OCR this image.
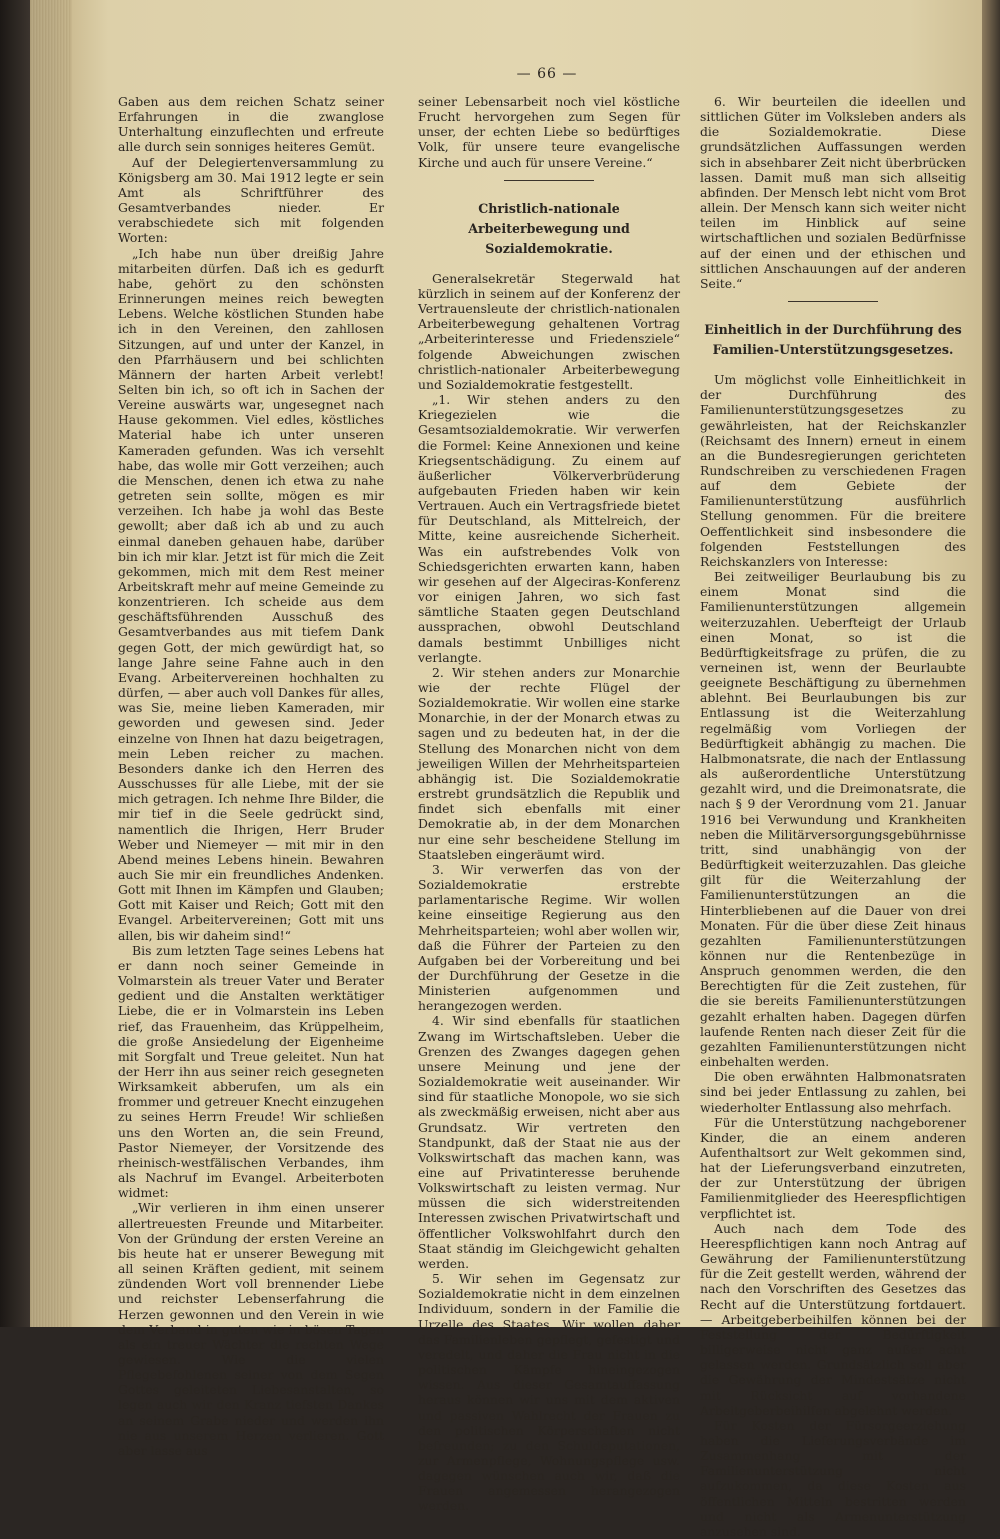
— 66 —

Gaben aus dem reichen Schatz seiner Erfahrungen in die zwanglose Unterhaltung einzuflechten und erfreute alle durch sein sonniges heiteres Gemüt.

Auf der Delegiertenversammlung zu Königsberg am 30. Mai 1912 legte er sein Amt als Schriftführer des Gesamtverbandes nieder. Er verabschiedete sich mit folgenden Worten:

„Ich habe nun über dreißig Jahre mitarbeiten dürfen. Daß ich es gedurft habe, gehört zu den schönsten Erinnerungen meines reich bewegten Lebens. Welche köstlichen Stunden habe ich in den Vereinen, den zahllosen Sitzungen, auf und unter der Kanzel, in den Pfarrhäusern und bei schlichten Männern der harten Arbeit verlebt! Selten bin ich, so oft ich in Sachen der Vereine auswärts war, ungesegnet nach Hause gekommen. Viel edles, köstliches Material habe ich unter unseren Kameraden gefunden. Was ich versehlt habe, das wolle mir Gott verzeihen; auch die Menschen, denen ich etwa zu nahe getreten sein sollte, mögen es mir verzeihen. Ich habe ja wohl das Beste gewollt; aber daß ich ab und zu auch einmal daneben gehauen habe, darüber bin ich mir klar. Jetzt ist für mich die Zeit gekommen, mich mit dem Rest meiner Arbeitskraft mehr auf meine Gemeinde zu konzentrieren. Ich scheide aus dem geschäftsführenden Ausschuß des Gesamtverbandes aus mit tiefem Dank gegen Gott, der mich gewürdigt hat, so lange Jahre seine Fahne auch in den Evang. Arbeitervereinen hochhalten zu dürfen, — aber auch voll Dankes für alles, was Sie, meine lieben Kameraden, mir geworden und gewesen sind. Jeder einzelne von Ihnen hat dazu beigetragen, mein Leben reicher zu machen. Besonders danke ich den Herren des Ausschusses für alle Liebe, mit der sie mich getragen. Ich nehme Ihre Bilder, die mir tief in die Seele gedrückt sind, namentlich die Ihrigen, Herr Bruder Weber und Niemeyer — mit mir in den Abend meines Lebens hinein. Bewahren auch Sie mir ein freundliches Andenken. Gott mit Ihnen im Kämpfen und Glauben; Gott mit Kaiser und Reich; Gott mit den Evangel. Arbeitervereinen; Gott mit uns allen, bis wir daheim sind!“

Bis zum letzten Tage seines Lebens hat er dann noch seiner Gemeinde in Volmarstein als treuer Vater und Berater gedient und die Anstalten werktätiger Liebe, die er in Volmarstein ins Leben rief, das Frauenheim, das Krüppelheim, die große Ansiedelung der Eigenheime mit Sorgfalt und Treue geleitet. Nun hat der Herr ihn aus seiner reich gesegneten Wirksamkeit abberufen, um als ein frommer und getreuer Knecht einzugehen zu seines Herrn Freude! Wir schließen uns den Worten an, die sein Freund, Pastor Niemeyer, der Vorsitzende des rheinisch-westfälischen Verbandes, ihm als Nachruf im Evangel. Arbeiterboten widmet:

„Wir verlieren in ihm einen unserer allertreuesten Freunde und Mitarbeiter. Von der Gründung der ersten Vereine an bis heute hat er unserer Bewegung mit all seinen Kräften gedient, mit seinem zündenden Wort voll brennender Liebe und reichster Lebenserfahrung die Herzen gewonnen und den Verein in wie dem Verband in guten wie in bösen Tagen als ein treuer Wächter die rechten Wege gewiesen. Wie die vielen Pflegebefohlenen seiner von dem Segen Gottes geleiteten Liebesanstalten, so legen auch wir den Kranz tiefsten Dankes an seinem Grabe nieder und werden ihn nie aus unserem Herzen verlieren. Gott aber lasse aus

seiner Lebensarbeit noch viel köstliche Frucht hervorgehen zum Segen für unser, der echten Liebe so bedürftiges Volk, für unsere teure evangelische Kirche und auch für unsere Vereine.“

Christlich-nationale Arbeiterbewegung und Sozialdemokratie.

Generalsekretär Stegerwald hat kürzlich in seinem auf der Konferenz der Vertrauensleute der christlich-nationalen Arbeiterbewegung gehaltenen Vortrag „Arbeiterinteresse und Friedensziele“ folgende Abweichungen zwischen christlich-nationaler Arbeiterbewegung und Sozialdemokratie festgestellt.

„1. Wir stehen anders zu den Kriegezielen wie die Gesamtsozialdemokratie. Wir verwerfen die Formel: Keine Annexionen und keine Kriegsentschädigung. Zu einem auf äußerlicher Völkerverbrüderung aufgebauten Frieden haben wir kein Vertrauen. Auch ein Vertragsfriede bietet für Deutschland, als Mittelreich, der Mitte, keine ausreichende Sicherheit. Was ein aufstrebendes Volk von Schiedsgerichten erwarten kann, haben wir gesehen auf der Algeciras-Konferenz vor einigen Jahren, wo sich fast sämtliche Staaten gegen Deutschland aussprachen, obwohl Deutschland damals bestimmt Unbilliges nicht verlangte.

2. Wir stehen anders zur Monarchie wie der rechte Flügel der Sozialdemokratie. Wir wollen eine starke Monarchie, in der der Monarch etwas zu sagen und zu bedeuten hat, in der die Stellung des Monarchen nicht von dem jeweiligen Willen der Mehrheitsparteien abhängig ist. Die Sozialdemokratie erstrebt grundsätzlich die Republik und findet sich ebenfalls mit einer Demokratie ab, in der dem Monarchen nur eine sehr bescheidene Stellung im Staatsleben eingeräumt wird.

3. Wir verwerfen das von der Sozialdemokratie erstrebte parlamentarische Regime. Wir wollen keine einseitige Regierung aus den Mehrheitsparteien; wohl aber wollen wir, daß die Führer der Parteien zu den Aufgaben bei der Vorbereitung und bei der Durchführung der Gesetze in die Ministerien aufgenommen und herangezogen werden.

4. Wir sind ebenfalls für staatlichen Zwang im Wirtschaftsleben. Ueber die Grenzen des Zwanges dagegen gehen unsere Meinung und jene der Sozialdemokratie weit auseinander. Wir sind für staatliche Monopole, wo sie sich als zweckmäßig erweisen, nicht aber aus Grundsatz. Wir vertreten den Standpunkt, daß der Staat nie aus der Volkswirtschaft das machen kann, was eine auf Privatinteresse beruhende Volkswirtschaft zu leisten vermag. Nur müssen die sich widerstreitenden Interessen zwischen Privatwirtschaft und öffentlicher Volkswohlfahrt durch den Staat ständig im Gleichgewicht gehalten werden.

5. Wir sehen im Gegensatz zur Sozialdemokratie nicht in dem einzelnen Individuum, sondern in der Familie die Urzelle des Staates. Wir wollen daher das Familienleben gepflegt, gefestigt und veredelt, und daher die Frau nicht in die politischen Kämpfe hineingezogen wissen. Aus dieser Gesamtauffassung heraus können wir uns mit dem aktiven und passiven Wahlrecht der Frauen zu den politischen Körperschaften nicht befreunden; zu den Schuldeputationen, zur Armenpflege, Wohnungspflege usw. dagegen wünschen auch wir, daß die Frauen angemessen herangezogen werden.

6. Wir beurteilen die ideellen und sittlichen Güter im Volksleben anders als die Sozialdemokratie. Diese grundsätzlichen Auffassungen werden sich in absehbarer Zeit nicht überbrücken lassen. Damit muß man sich allseitig abfinden. Der Mensch lebt nicht vom Brot allein. Der Mensch kann sich weiter nicht teilen im Hinblick auf seine wirtschaftlichen und sozialen Bedürfnisse auf der einen und der ethischen und sittlichen Anschauungen auf der anderen Seite.“

Einheitlich in der Durchführung des Familien-Unterstützungsgesetzes.

Um möglichst volle Einheitlichkeit in der Durchführung des Familienunterstützungsgesetzes zu gewährleisten, hat der Reichskanzler (Reichsamt des Innern) erneut in einem an die Bundesregierungen gerichteten Rundschreiben zu verschiedenen Fragen auf dem Gebiete der Familienunterstützung ausführlich Stellung genommen. Für die breitere Oeffentlichkeit sind insbesondere die folgenden Feststellungen des Reichskanzlers von Interesse:

Bei zeitweiliger Beurlaubung bis zu einem Monat sind die Familienunterstützungen allgemein weiterzuzahlen. Ueberfteigt der Urlaub einen Monat, so ist die Bedürftigkeitsfrage zu prüfen, die zu verneinen ist, wenn der Beurlaubte geeignete Beschäftigung zu übernehmen ablehnt. Bei Beurlaubungen bis zur Entlassung ist die Weiterzahlung regelmäßig vom Vorliegen der Bedürftigkeit abhängig zu machen. Die Halbmonatsrate, die nach der Entlassung als außerordentliche Unterstützung gezahlt wird, und die Dreimonatsrate, die nach § 9 der Verordnung vom 21. Januar 1916 bei Verwundung und Krankheiten neben die Militärversorgungsgebührnisse tritt, sind unabhängig von der Bedürftigkeit weiterzuzahlen. Das gleiche gilt für die Weiterzahlung der Familienunterstützungen an die Hinterbliebenen auf die Dauer von drei Monaten. Für die über diese Zeit hinaus gezahlten Familienunterstützungen können nur die Rentenbezüge in Anspruch genommen werden, die den Berechtigten für die Zeit zustehen, für die sie bereits Familienunterstützungen gezahlt erhalten haben. Dagegen dürfen laufende Renten nach dieser Zeit für die gezahlten Familienunterstützungen nicht einbehalten werden.

Die oben erwähnten Halbmonatsraten sind bei jeder Entlassung zu zahlen, bei wiederholter Entlassung also mehrfach.

Für die Unterstützung nachgeborener Kinder, die an einem anderen Aufenthaltsort zur Welt gekommen sind, hat der Lieferungsverband einzutreten, der zur Unterstützung der übrigen Familienmitglieder des Heerespflichtigen verpflichtet ist.

Auch nach dem Tode des Heerespflichtigen kann noch Antrag auf Gewährung der Familienunterstützung für die Zeit gestellt werden, während der nach den Vorschriften des Gesetzes das Recht auf die Unterstützung fortdauert. — Arbeitgeberbeihilfen können bei der Feststellung der Bedürftigkeit billigerweise nicht ganz außer acht gelassen werden. Grundsätzlich soll aber die Gewährung der Mindestsätze nicht mit Rücksicht auf vorhandene Arbeitgeberbeihilfen abgelehnt werden.

Für Kosten der Fürsorgeerziehung haben die Lieferungsverbände im Zusammenhang mit der Familienunterstützung nicht aufzukommen, da diese Kosten aus öffentlichen Mitteln bestritten werden und nicht als Armenunterstützung anzusehen sind.
